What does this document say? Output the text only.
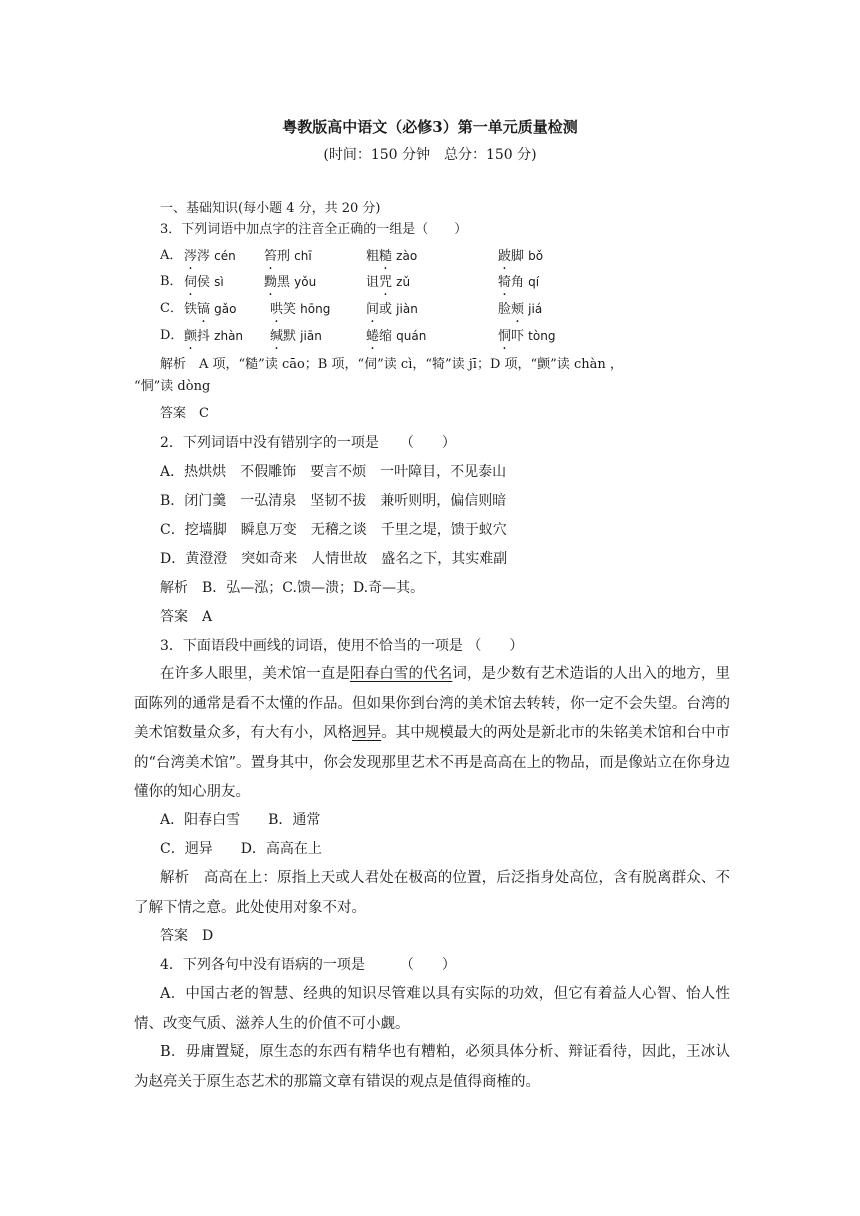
粤教版高中语文（必修3）第一单元质量检测
(时间：150 分钟　总分：150 分)
一、基础知识(每小题 4 分，共 20 分)
3．下列词语中加点字的注音全正确的一组是（　　）
A． 涔涔 cén 笞刑 chī	粗糙 zào	跛脚 bǒ
B． 伺侯 sì	黝黑 yǒu	诅咒 zǔ	犄角 qí
C． 铁镐 gǎo	哄笑 hōng	间或 jiàn	脸颊 jiá
D． 颤抖 zhàn 缄默 jiān	蜷缩 quán	恫吓 tòng
解析　A 项，“糙”读 cāo；B 项，“伺”读 cì，“犄”读 jī；D 项，“颤”读 chàn ，
“恫”读 dòng
答案　C
2．下列词语中没有错别字的一项是　　（　　）
A．热烘烘　不假雕饰　要言不烦　一叶障目，不见泰山
B．闭门羹　一弘清泉　坚韧不拔　兼听则明，偏信则暗
C．挖墙脚　瞬息万变　无稽之谈　千里之堤，馈于蚁穴
D．黄澄澄　突如奇来　人情世故　盛名之下，其实难副
解析　B．弘—泓；C.馈—溃；D.奇—其。
答案　A
3．下面语段中画线的词语，使用不恰当的一项是 （　　）
在许多人眼里，美术馆一直是阳春白雪的代名词，是少数有艺术造诣的人出入的地方，里面陈列的通常是看不太懂的作品。但如果你到台湾的美术馆去转转，你一定不会失望。台湾的美术馆数量众多，有大有小，风格迥异。其中规模最大的两处是新北市的朱铭美术馆和台中市的“台湾美术馆”。置身其中，你会发现那里艺术不再是高高在上的物品，而是像站立在你身边懂你的知心朋友。
A．阳春白雪　　B．通常
C．迥异　　D．高高在上
解析　高高在上：原指上天或人君处在极高的位置，后泛指身处高位，含有脱离群众、不了解下情之意。此处使用对象不对。
答案　D
4．下列各句中没有语病的一项是　　　（　　）
A．中国古老的智慧、经典的知识尽管难以具有实际的功效，但它有着益人心智、怡人性情、改变气质、滋养人生的价值不可小觑。
B．毋庸置疑，原生态的东西有精华也有糟粕，必须具体分析、辩证看待，因此，王冰认为赵亮关于原生态艺术的那篇文章有错误的观点是值得商榷的。
